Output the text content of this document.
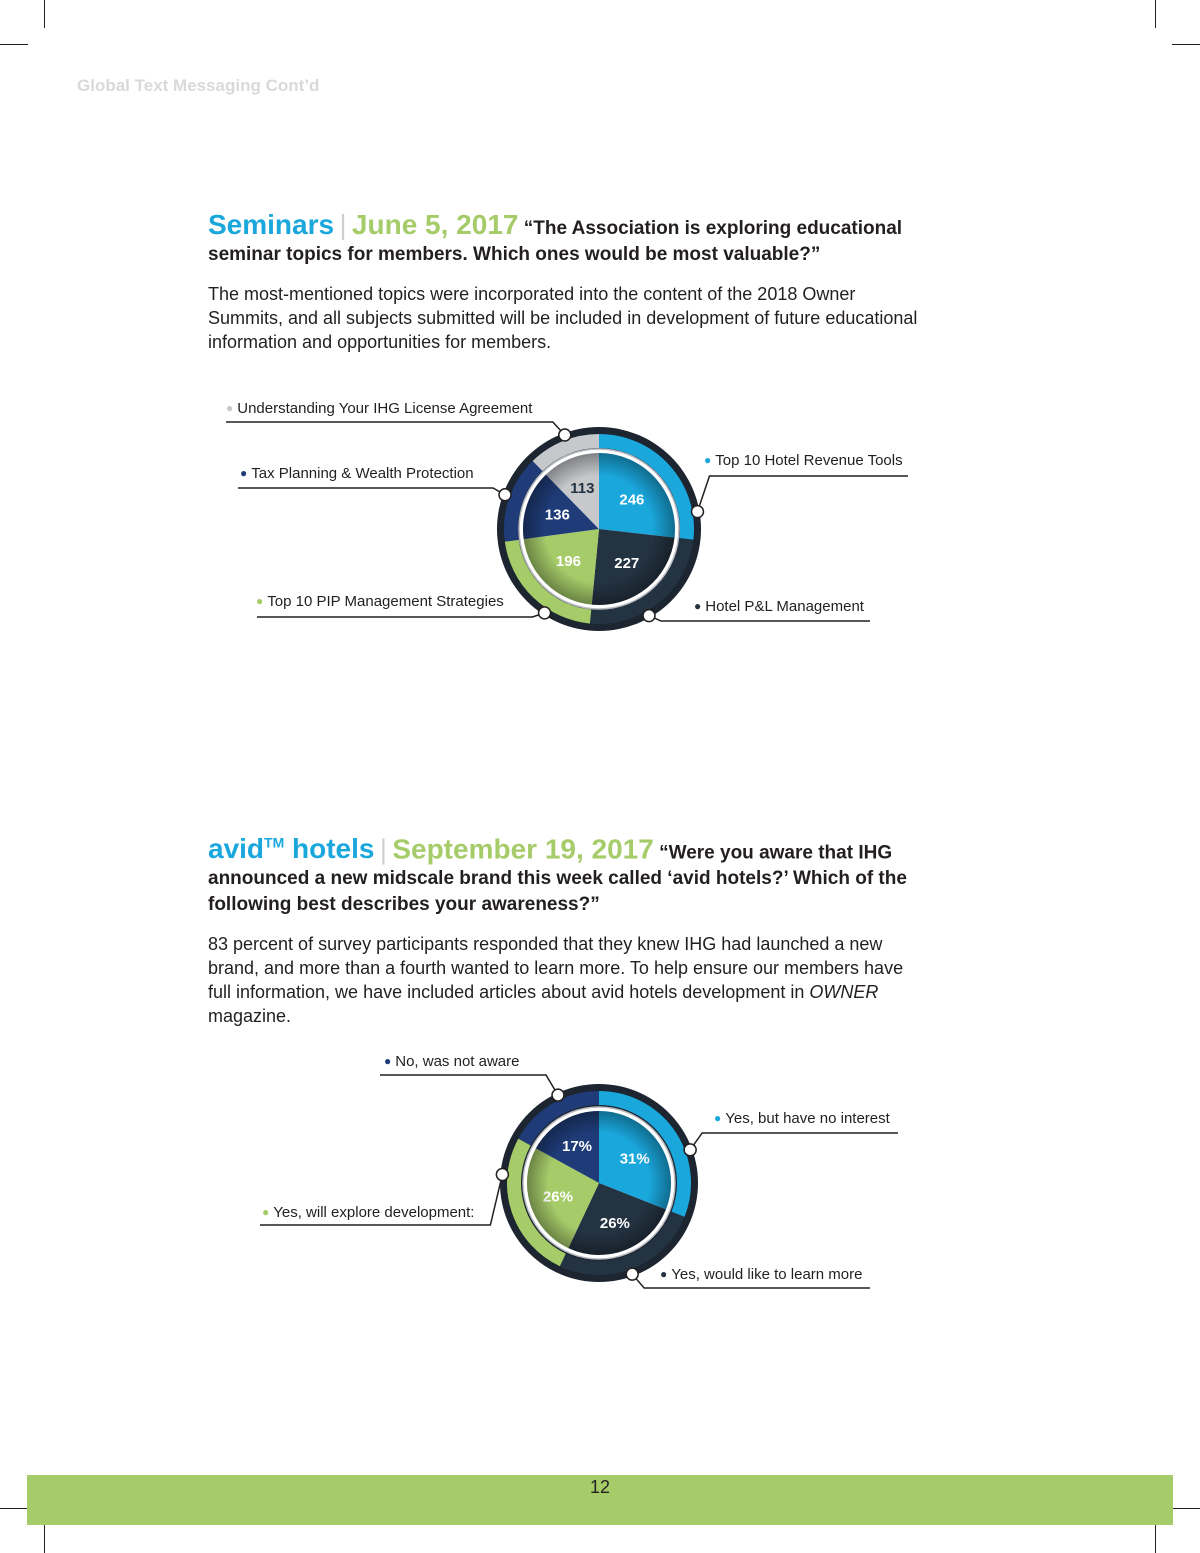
Global Text Messaging Cont’d
Seminars | June 5, 2017 “The Association is exploring educational
seminar topics for members. Which ones would be most valuable?”
The most-mentioned topics were incorporated into the content of the 2018 Owner
Summits, and all subjects submitted will be included in development of future educational
information and opportunities for members.
avid™ hotels | September 19, 2017 “Were you aware that IHG
announced a new midscale brand this week called ‘avid hotels?’ Which of the
following best describes your awareness?”
83 percent of survey participants responded that they knew IHG had launched a new
brand, and more than a fourth wanted to learn more. To help ensure our members have
full information, we have included articles about avid hotels development in OWNER
magazine.
● Top 10 Hotel Revenue Tools
● Hotel P&L Management
● Top 10 PIP Management Strategies
● Tax Planning & Wealth Protection
● Understanding Your IHG License Agreement
● Yes, but have no interest
● Yes, would like to learn more
● Yes, will explore development:
● No, was not aware
12
